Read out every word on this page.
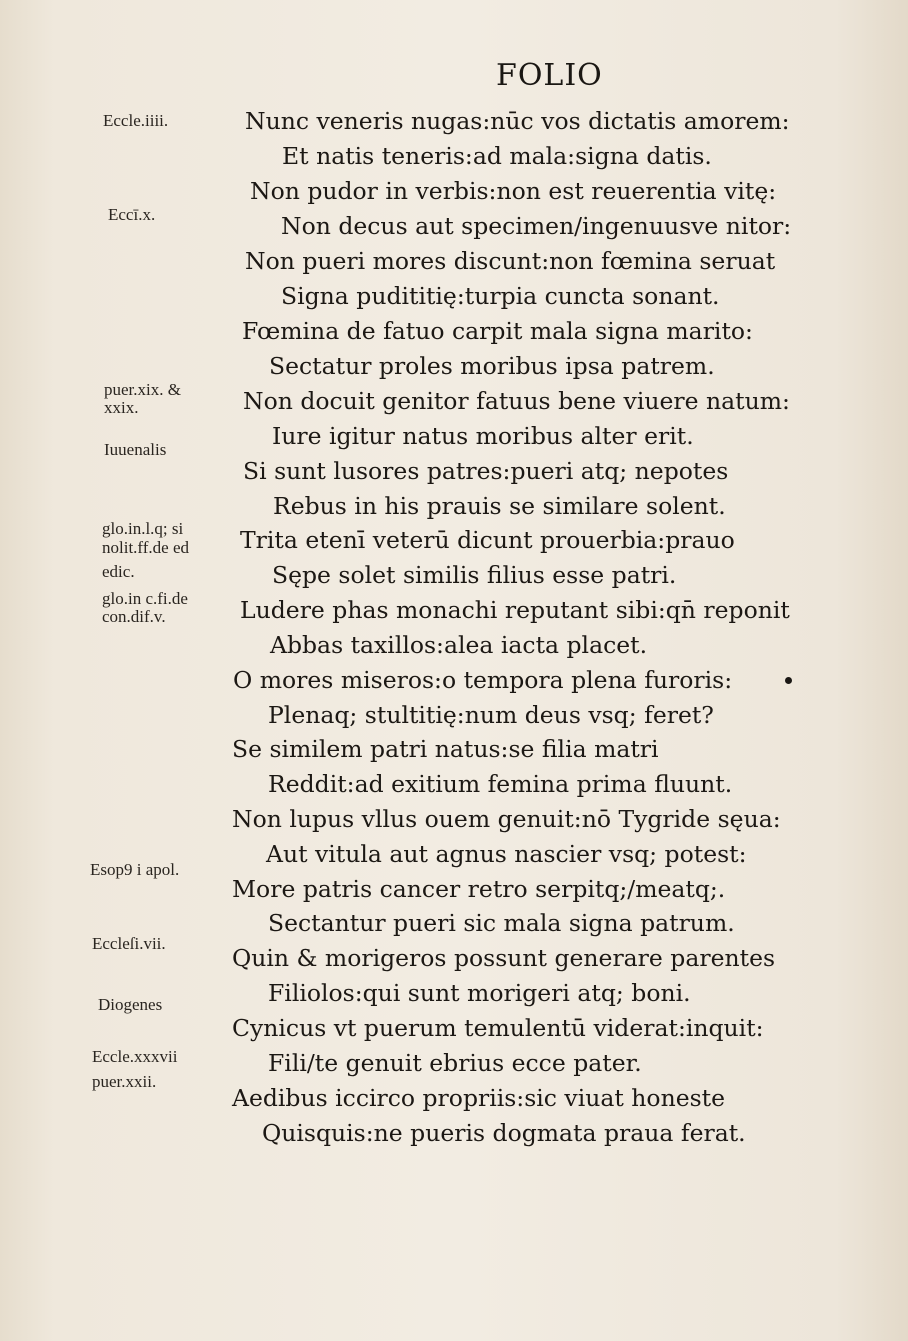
FOLIO
Eccle.iiii.
Eccī.x.
puer.xix. &
xxix.
Iuuenalis
glo.in.l.q; si
nolit.ff.de ed
edic.
glo.in c.fi.de
con.dif.v.
Esop9 i apol.
Eccleſi.vii.
Diogenes
Eccle.xxxvii
puer.xxii.
Nunc veneris nugas:nūc vos dictatis amorem:
Et natis teneris:ad mala:signa datis.
Non pudor in verbis:non est reuerentia vitę:
Non decus aut specimen/ingenuusve nitor:
Non pueri mores discunt:non fœmina seruat
Signa pudititię:turpia cuncta sonant.
Fœmina de fatuo carpit mala signa marito:
Sectatur proles moribus ipsa patrem.
Non docuit genitor fatuus bene viuere natum:
Iure igitur natus moribus alter erit.
Si sunt lusores patres:pueri atq; nepotes
Rebus in his prauis se similare solent.
Trita etenī veterū dicunt prouerbia:prauo
Sępe solet similis filius esse patri.
Ludere phas monachi reputant sibi:qn̄ reponit
Abbas taxillos:alea iacta placet.
O mores miseros:o tempora plena furoris:
Plenaq; stultitię:num deus vsq; feret?
Se similem patri natus:se filia matri
Reddit:ad exitium femina prima fluunt.
Non lupus vllus ouem genuit:nō Tygride sęua:
Aut vitula aut agnus nascier vsq; potest:
More patris cancer retro serpitq;/meatq;.
Sectantur pueri sic mala signa patrum.
Quin & morigeros possunt generare parentes
Filiolos:qui sunt morigeri atq; boni.
Cynicus vt puerum temulentū viderat:inquit:
Fili/te genuit ebrius ecce pater.
Aedibus iccirco propriis:sic viuat honeste
Quisquis:ne pueris dogmata praua ferat.
